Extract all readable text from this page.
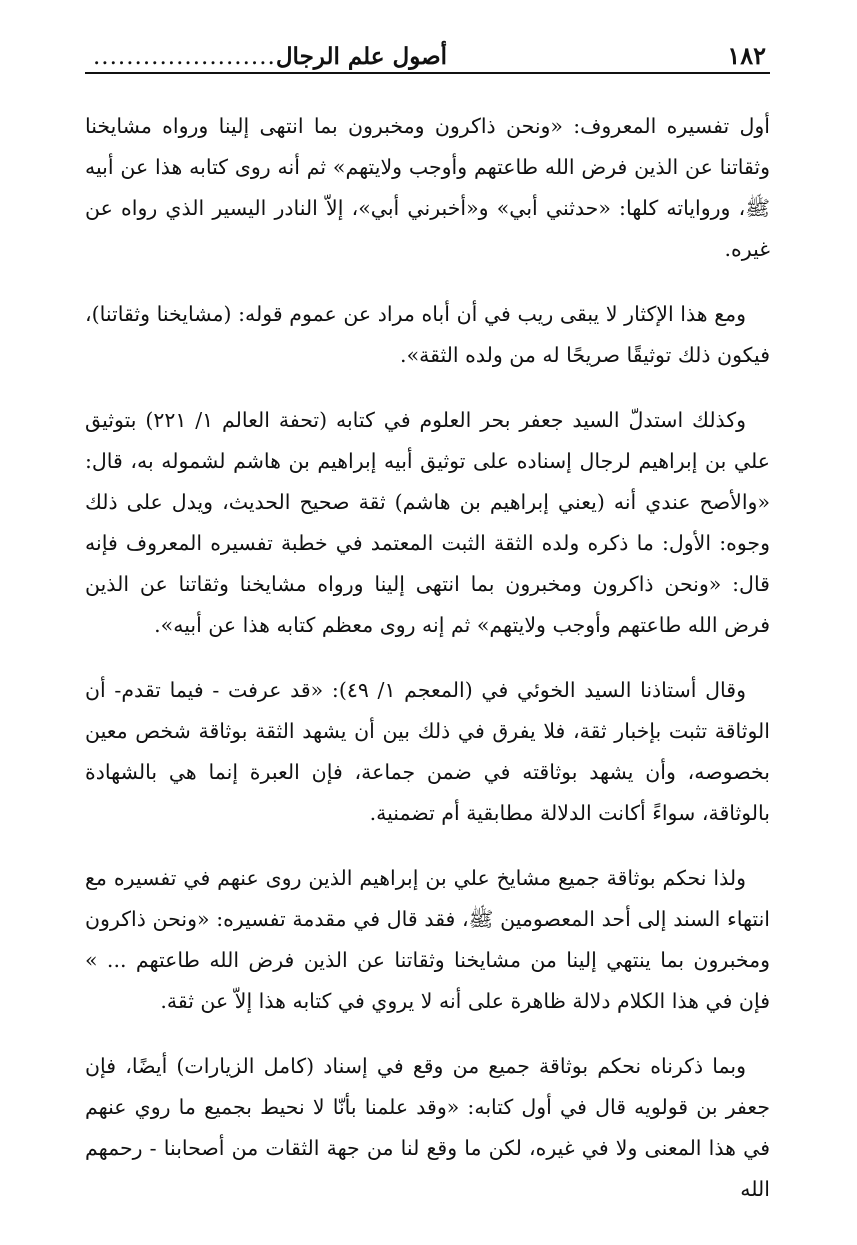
١٨٢
أصول علم الرجال
......................

أول تفسيره المعروف: «ونحن ذاكرون ومخبرون بما انتهى إلينا ورواه مشايخنا وثقاتنا عن الذين فرض الله طاعتهم وأوجب ولايتهم» ثم أنه روى كتابه هذا عن أبيه ﷺ، ورواياته كلها: «حدثني أبي» و«أخبرني أبي»، إلاّ النادر اليسير الذي رواه عن غيره.

ومع هذا الإكثار لا يبقى ريب في أن أباه مراد عن عموم قوله: (مشايخنا وثقاتنا)، فيكون ذلك توثيقًا صريحًا له من ولده الثقة».

وكذلك استدلّ السيد جعفر بحر العلوم في كتابه (تحفة العالم ١/ ٢٢١) بتوثيق علي بن إبراهيم لرجال إسناده على توثيق أبيه إبراهيم بن هاشم لشموله به، قال: «والأصح عندي أنه (يعني إبراهيم بن هاشم) ثقة صحيح الحديث، ويدل على ذلك وجوه: الأول: ما ذكره ولده الثقة الثبت المعتمد في خطبة تفسيره المعروف فإنه قال: «ونحن ذاكرون ومخبرون بما انتهى إلينا ورواه مشايخنا وثقاتنا عن الذين فرض الله طاعتهم وأوجب ولايتهم» ثم إنه روى معظم كتابه هذا عن أبيه».

وقال أستاذنا السيد الخوئي في (المعجم ١/ ٤٩): «قد عرفت - فيما تقدم- أن الوثاقة تثبت بإخبار ثقة، فلا يفرق في ذلك بين أن يشهد الثقة بوثاقة شخص معين بخصوصه، وأن يشهد بوثاقته في ضمن جماعة، فإن العبرة إنما هي بالشهادة بالوثاقة، سواءً أكانت الدلالة مطابقية أم تضمنية.

ولذا نحكم بوثاقة جميع مشايخ علي بن إبراهيم الذين روى عنهم في تفسيره مع انتهاء السند إلى أحد المعصومين ﷺ، فقد قال في مقدمة تفسيره: «ونحن ذاكرون ومخبرون بما ينتهي إلينا من مشايخنا وثقاتنا عن الذين فرض الله طاعتهم ... » فإن في هذا الكلام دلالة ظاهرة على أنه لا يروي في كتابه هذا إلاّ عن ثقة.

وبما ذكرناه نحكم بوثاقة جميع من وقع في إسناد (كامل الزيارات) أيضًا، فإن جعفر بن قولويه قال في أول كتابه: «وقد علمنا بأنّا لا نحيط بجميع ما روي عنهم في هذا المعنى ولا في غيره، لكن ما وقع لنا من جهة الثقات من أصحابنا - رحمهم الله
